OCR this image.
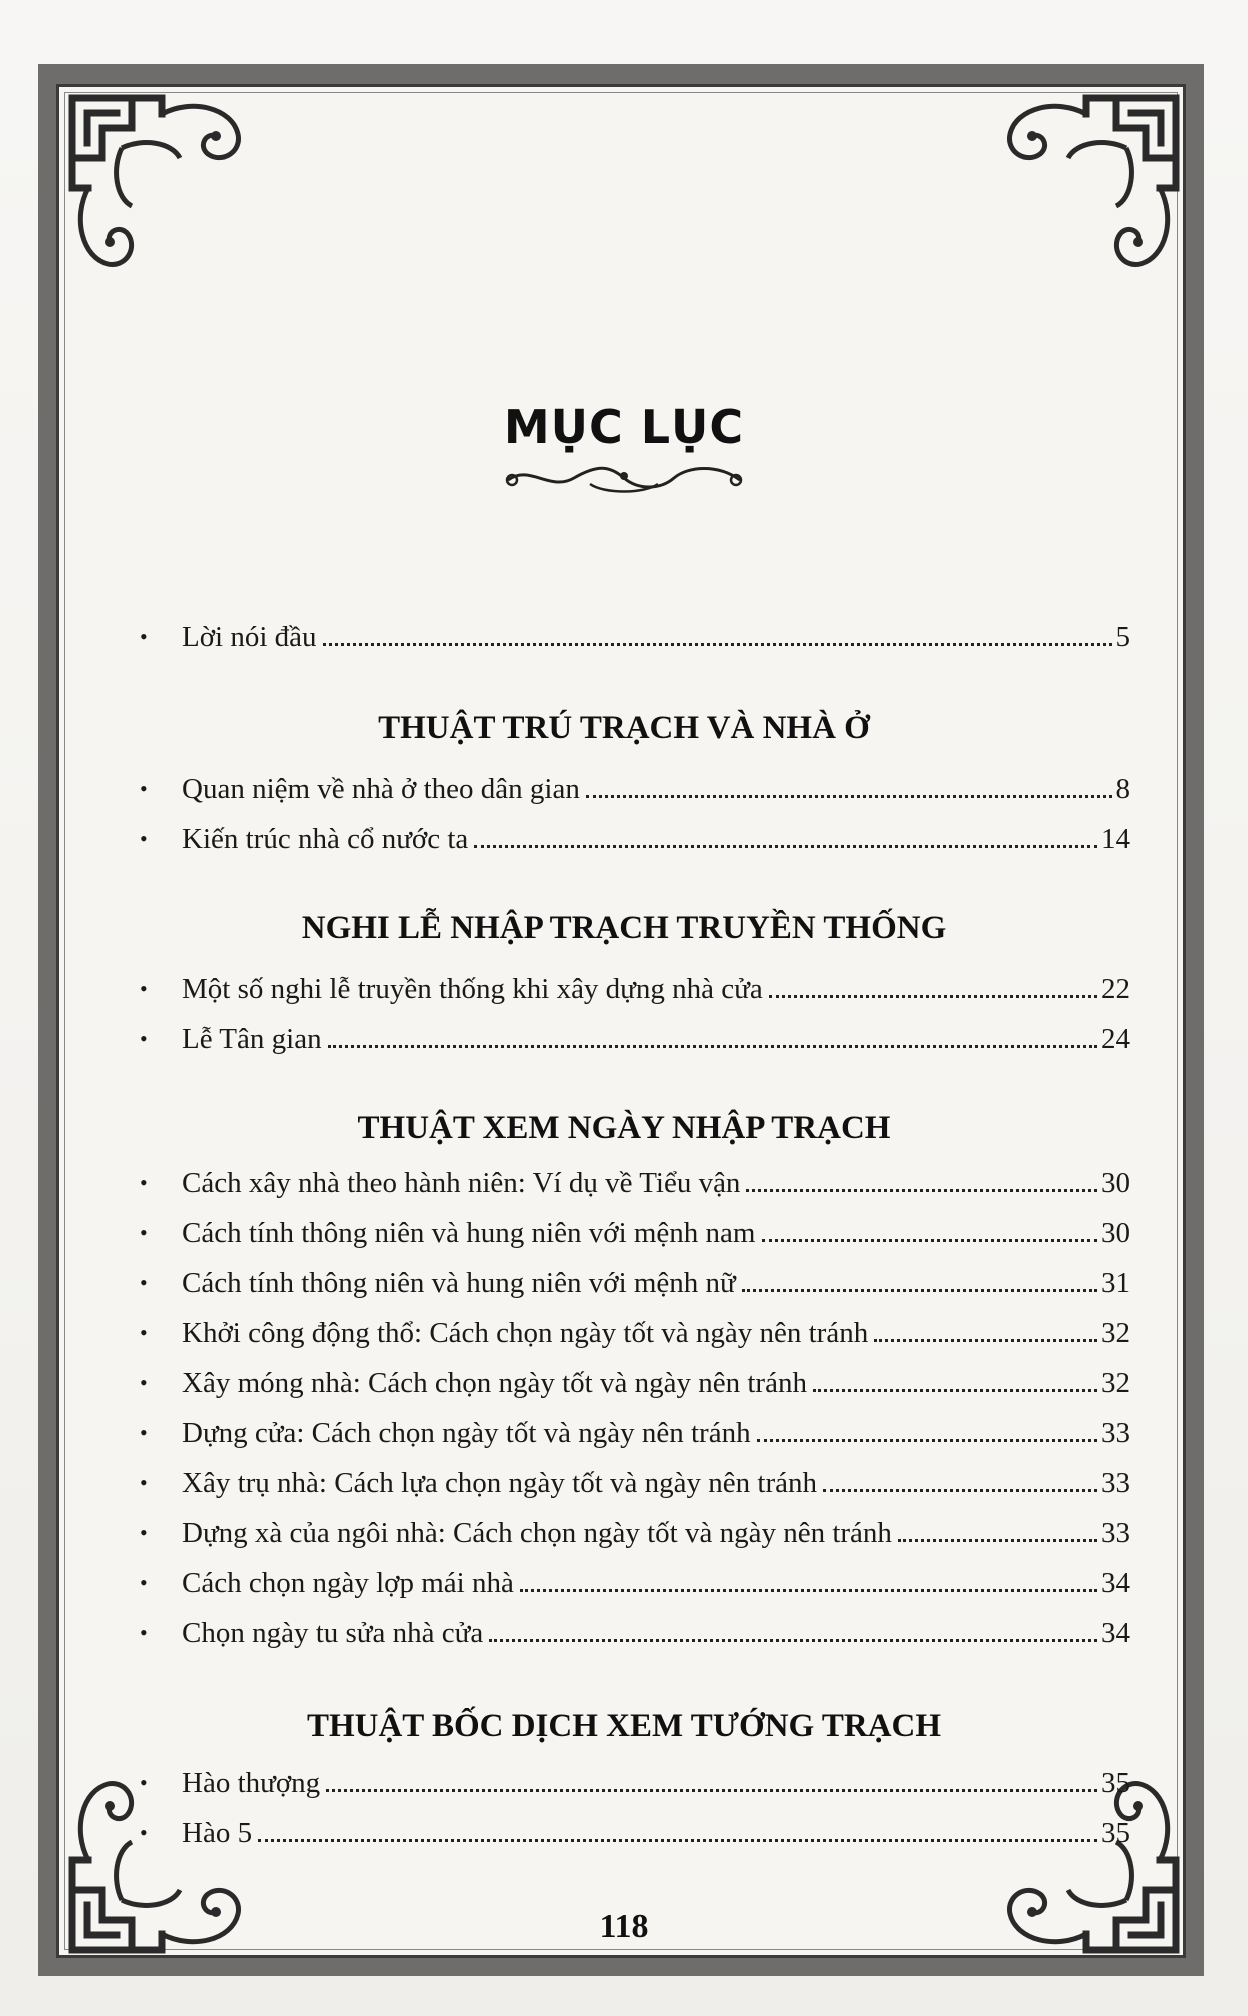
MỤC LỤC
118
•	Lời nói đầu	5
THUẬT TRÚ TRẠCH VÀ NHÀ Ở
•	Quan niệm về nhà ở theo dân gian	8
•	Kiến trúc nhà cổ nước ta	14
NGHI LỄ NHẬP TRẠCH TRUYỀN THỐNG
•	Một số nghi lễ truyền thống khi xây dựng nhà cửa	22
•	Lễ Tân gian	24
THUẬT XEM NGÀY NHẬP TRẠCH
•	Cách xây nhà theo hành niên: Ví dụ về Tiểu vận	30
•	Cách tính thông niên và hung niên với mệnh nam	30
•	Cách tính thông niên và hung niên với mệnh nữ	31
•	Khởi công động thổ: Cách chọn ngày tốt và ngày nên tránh	32
•	Xây móng nhà: Cách chọn ngày tốt và ngày nên tránh	32
•	Dựng cửa: Cách chọn ngày tốt và ngày nên tránh	33
•	Xây trụ nhà: Cách lựa chọn ngày tốt và ngày nên tránh	33
•	Dựng xà của ngôi nhà: Cách chọn ngày tốt và ngày nên tránh	33
•	Cách chọn ngày lợp mái nhà	34
•	Chọn ngày tu sửa nhà cửa	34
THUẬT BỐC DỊCH XEM TƯỚNG TRẠCH
•	Hào thượng	35
•	Hào 5	35
